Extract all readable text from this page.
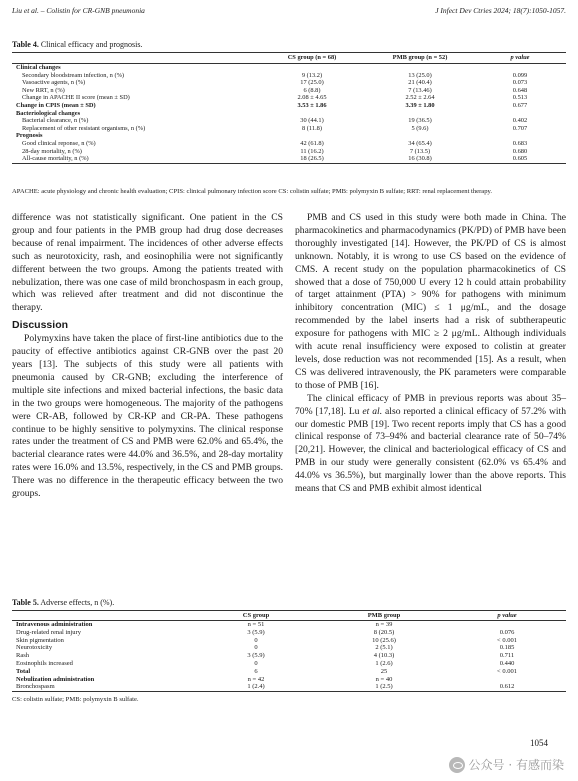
Liu et al. – Colistin for CR-GNB pneumonia	J Infect Dev Ctries 2024; 18(7):1050-1057.
Table 4. Clinical efficacy and prognosis.
	CS group (n = 68)	PMB group (n = 52)	p value
Clinical changes			
Secondary bloodstream infection, n (%)	9 (13.2)	13 (25.0)	0.099
Vasoactive agents, n (%)	17 (25.0)	21 (40.4)	0.073
New RRT, n (%)	6 (8.8)	7 (13.46)	0.648
Change in APACHE II score (mean ± SD)	2.08 ± 4.65	2.52 ± 2.64	0.513
Change in CPIS (mean ± SD)	3.53 ± 1.86	3.39 ± 1.80	0.677
Bacteriological changes			
Bacterial clearance, n (%)	30 (44.1)	19 (36.5)	0.402
Replacement of other resistant organisms, n (%)	8 (11.8)	5 (9.6)	0.707
Prognosis			
Good clinical reponse, n (%)	42 (61.8)	34 (65.4)	0.683
28-day mortality, n (%)	11 (16.2)	7 (13.5)	0.680
All-cause mortality, n (%)	18 (26.5)	16 (30.8)	0.605
APACHE: acute physiology and chronic health evaluation; CPIS: clinical pulmonary infection score CS: colistin sulfate; PMB: polymyxin B sulfate; RRT: renal replacement therapy.

difference was not statistically significant. One patient in the CS group and four patients in the PMB group had drug dose decreases because of renal impairment. The incidences of other adverse effects such as neurotoxicity, rash, and eosinophilia were not significantly different between the two groups. Among the patients treated with nebulization, there was one case of mild bronchospasm in each group, which was relieved after treatment and did not discontinue the therapy.

Discussion

Polymyxins have taken the place of first-line antibiotics due to the paucity of effective antibiotics against CR-GNB over the past 20 years [13]. The subjects of this study were all patients with pneumonia caused by CR-GNB; excluding the interference of multiple site infections and mixed bacterial infections, the basic data in the two groups were homogeneous. The majority of the pathogens were CR-AB, followed by CR-KP and CR-PA. These pathogens continue to be highly sensitive to polymyxins. The clinical response rates under the treatment of CS and PMB were 62.0% and 65.4%, the bacterial clearance rates were 44.0% and 36.5%, and 28-day mortality rates were 16.0% and 13.5%, respectively, in the CS and PMB groups. There was no difference in the therapeutic efficacy between the two groups.

PMB and CS used in this study were both made in China. The pharmacokinetics and pharmacodynamics (PK/PD) of PMB have been thoroughly investigated [14]. However, the PK/PD of CS is almost unknown. Notably, it is wrong to use CS based on the evidence of CMS. A recent study on the population pharmacokinetics of CS showed that a dose of 750,000 U every 12 h could attain probability of target attainment (PTA) > 90% for pathogens with minimum inhibitory concentration (MIC) ≤ 1 μg/mL, and the dosage recommended by the label inserts had a risk of subtherapeutic exposure for pathogens with MIC ≥ 2 μg/mL. Although individuals with acute renal insufficiency were exposed to colistin at greater levels, dose reduction was not recommended [15]. As a result, when CS was delivered intravenously, the PK parameters were comparable to those of PMB [16].

The clinical efficacy of PMB in previous reports was about 35–70% [17,18]. Lu et al. also reported a clinical efficacy of 57.2% with our domestic PMB [19]. Two recent reports imply that CS has a good clinical response of 73–94% and bacterial clearance rate of 50–74% [20,21]. However, the clinical and bacteriological efficacy of CS and PMB in our study were generally consistent (62.0% vs 65.4% and 44.0% vs 36.5%), but marginally lower than the above reports. This means that CS and PMB exhibit almost identical

Table 5. Adverse effects, n (%).
	CS group	PMB group	p value
Intravenous administration	n = 51	n = 39	
Drug-related renal injury	3 (5.9)	8 (20.5)	0.076
Skin pigmentation	0	10 (25.6)	< 0.001
Neurotoxicity	0	2 (5.1)	0.185
Rash	3 (5.9)	4 (10.3)	0.711
Eosinophils increased	0	1 (2.6)	0.440
Total	6	25	< 0.001
Nebulization administration	n = 42	n = 40	
Bronchospasm	1 (2.4)	1 (2.5)	0.612
CS: colistin sulfate; PMB: polymyxin B sulfate.
1054
公众号 · 有感而染
